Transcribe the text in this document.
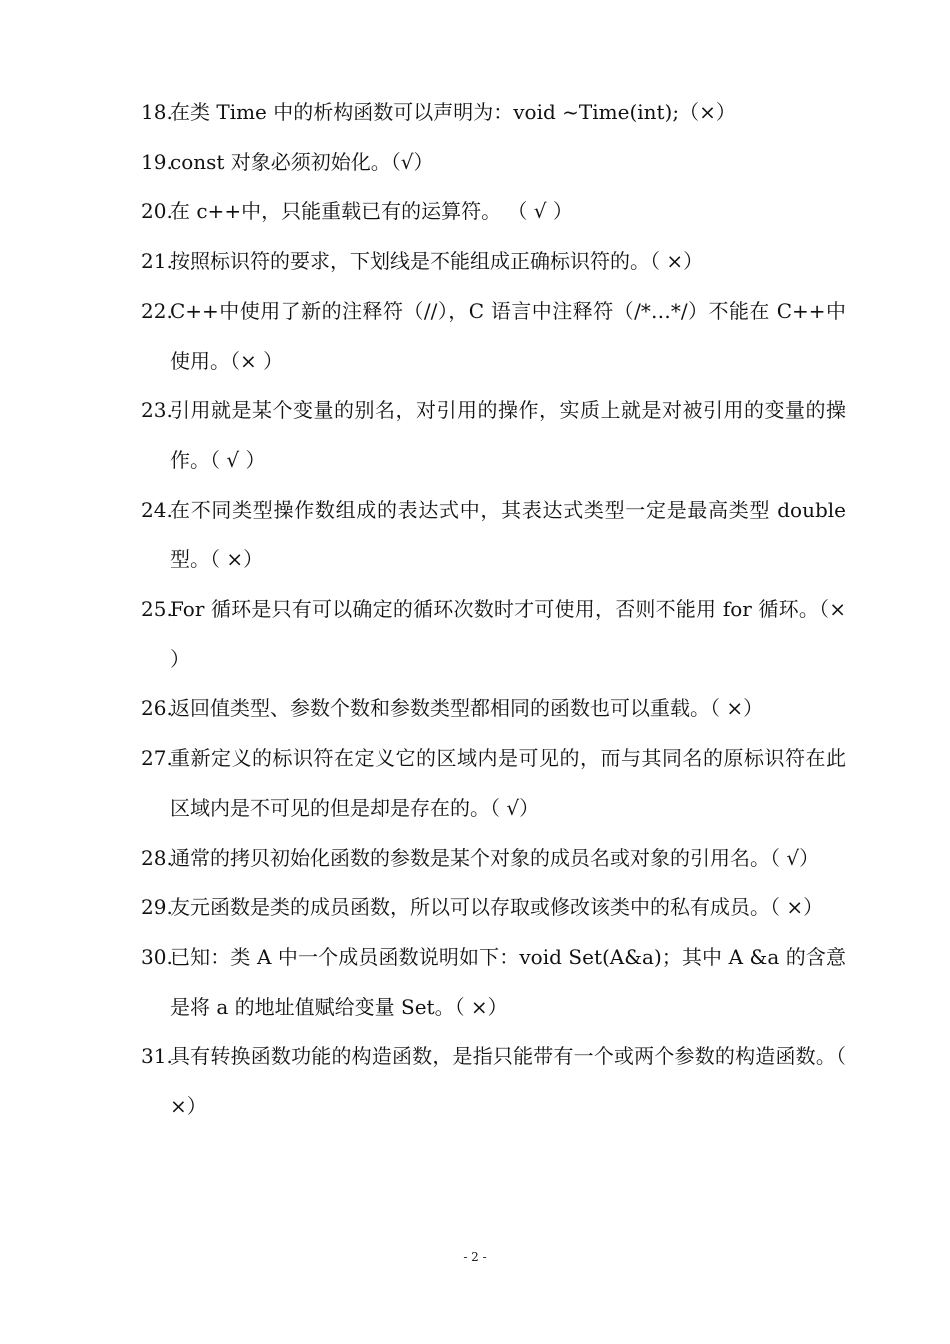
18.
在类 Time 中的析构函数可以声明为：void ~Time(int);（×）
19.
const 对象必须初始化。（√）
20.
在 c++中，只能重载已有的运算符。 （ √ ）
21.
按照标识符的要求，下划线是不能组成正确标识符的。（ ×）
22.
C++中使用了新的注释符（//），C 语言中注释符（/*…*/）不能在 C++中使用。（× ）
23.
引用就是某个变量的别名，对引用的操作，实质上就是对被引用的变量的操作。（ √ ）
24.
在不同类型操作数组成的表达式中，其表达式类型一定是最高类型 double 型。（ ×）
25.
For 循环是只有可以确定的循环次数时才可使用，否则不能用 for 循环。（× ）
26.
返回值类型、参数个数和参数类型都相同的函数也可以重载。（ ×）
27.
重新定义的标识符在定义它的区域内是可见的，而与其同名的原标识符在此区域内是不可见的但是却是存在的。（ √）
28.
通常的拷贝初始化函数的参数是某个对象的成员名或对象的引用名。（ √）
29.
友元函数是类的成员函数，所以可以存取或修改该类中的私有成员。（ ×）
30.
已知：类 A 中一个成员函数说明如下：void Set(A&a)；其中 A &a 的含意是将 a 的地址值赋给变量 Set。（ ×）
31.
具有转换函数功能的构造函数，是指只能带有一个或两个参数的构造函数。（ ×）
- 2 -
